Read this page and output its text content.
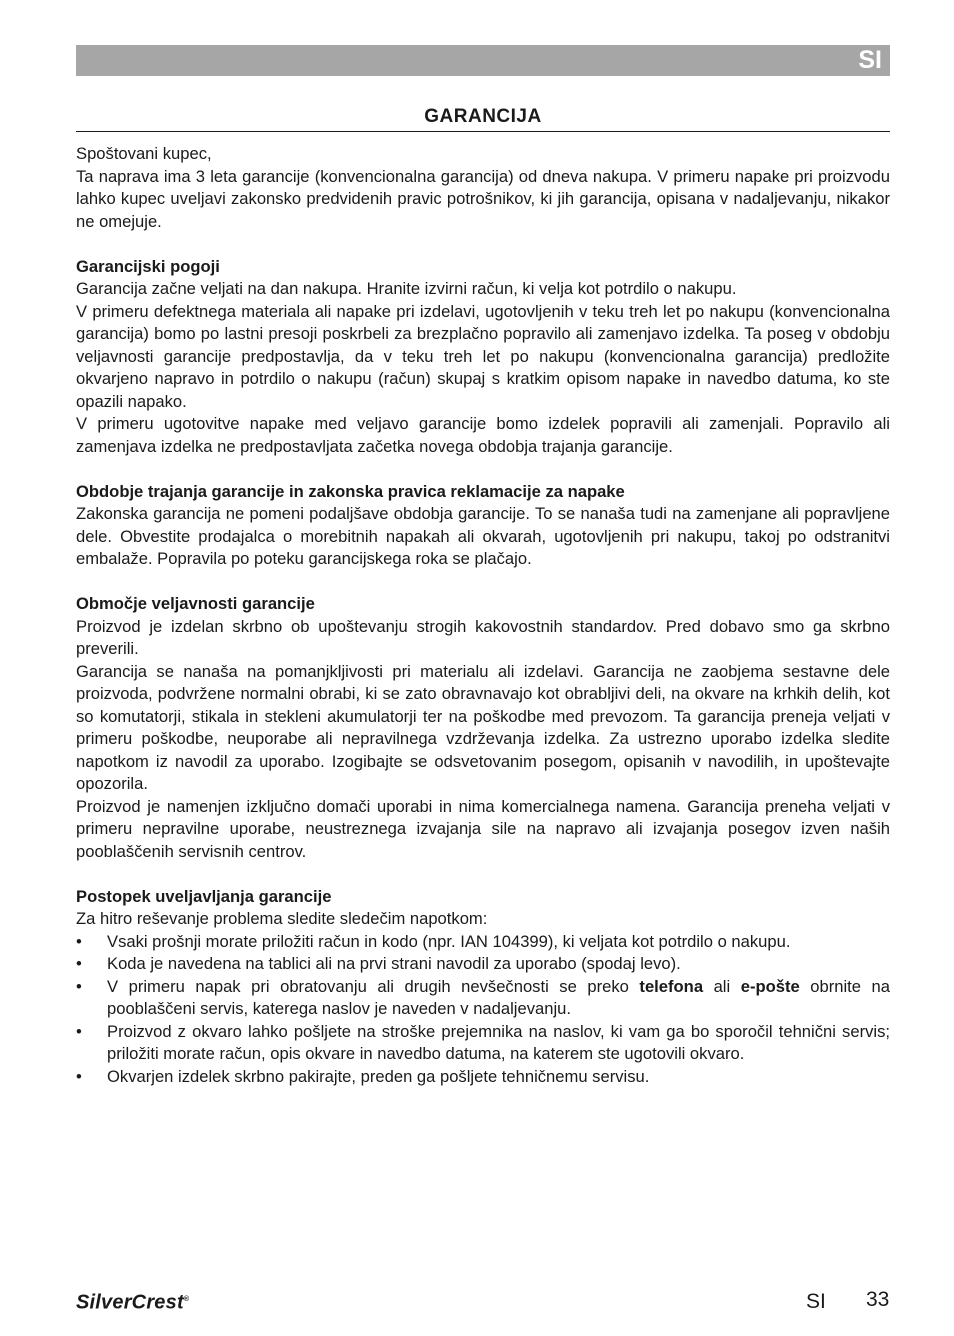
SI
GARANCIJA

Spoštovani kupec,

Ta naprava ima 3 leta garancije (konvencionalna garancija) od dneva nakupa. V primeru napake pri proizvodu lahko kupec uveljavi zakonsko predvidenih pravic potrošnikov, ki jih garancija, opisana v nadaljevanju, nikakor ne omejuje.

Garancijski pogoji

Garancija začne veljati na dan nakupa. Hranite izvirni račun, ki velja kot potrdilo o nakupu.

V primeru defektnega materiala ali napake pri izdelavi, ugotovljenih v teku treh let po nakupu (konvencionalna garancija) bomo po lastni presoji poskrbeli za brezplačno popravilo ali zamenjavo izdelka. Ta poseg v obdobju veljavnosti garancije predpostavlja, da v teku treh let po nakupu (konvencionalna garancija) predložite okvarjeno napravo in potrdilo o nakupu (račun) skupaj s kratkim opisom napake in navedbo datuma, ko ste opazili napako.

V primeru ugotovitve napake med veljavo garancije bomo izdelek popravili ali zamenjali. Popravilo ali zamenjava izdelka ne predpostavljata začetka novega obdobja trajanja garancije.

Obdobje trajanja garancije in zakonska pravica reklamacije za napake

Zakonska garancija ne pomeni podaljšave obdobja garancije. To se nanaša tudi na zamenjane ali popravljene dele. Obvestite prodajalca o morebitnih napakah ali okvarah, ugotovljenih pri nakupu, takoj po odstranitvi embalaže. Popravila po poteku garancijskega roka se plačajo.

Območje veljavnosti garancije

Proizvod je izdelan skrbno ob upoštevanju strogih kakovostnih standardov. Pred dobavo smo ga skrbno preverili.

Garancija se nanaša na pomanjkljivosti pri materialu ali izdelavi. Garancija ne zaobjema sestavne dele proizvoda, podvržene normalni obrabi, ki se zato obravnavajo kot obrabljivi deli, na okvare na krhkih delih, kot so komutatorji, stikala in stekleni akumulatorji ter na poškodbe med prevozom. Ta garancija preneja veljati v primeru poškodbe, neuporabe ali nepravilnega vzdrževanja izdelka. Za ustrezno uporabo izdelka sledite napotkom iz navodil za uporabo. Izogibajte se odsvetovanim posegom, opisanih v navodilih, in upoštevajte opozorila.

Proizvod je namenjen izključno domači uporabi in nima komercialnega namena. Garancija preneha veljati v primeru nepravilne uporabe, neustreznega izvajanja sile na napravo ali izvajanja posegov izven naših pooblaščenih servisnih centrov.

Postopek uveljavljanja garancije

Za hitro reševanje problema sledite sledečim napotkom:

• Vsaki prošnji morate priložiti račun in kodo (npr. IAN 104399), ki veljata kot potrdilo o nakupu.
• Koda je navedena na tablici ali na prvi strani navodil za uporabo (spodaj levo).
• V primeru napak pri obratovanju ali drugih nevšečnosti se preko telefona ali e-pošte obrnite na pooblaščeni servis, katerega naslov je naveden v nadaljevanju.
• Proizvod z okvaro lahko pošljete na stroške prejemnika na naslov, ki vam ga bo sporočil tehnični servis; priložiti morate račun, opis okvare in navedbo datuma, na katerem ste ugotovili okvaro.
• Okvarjen izdelek skrbno pakirajte, preden ga pošljete tehničnemu servisu.
SilverCrest®	SI 33
